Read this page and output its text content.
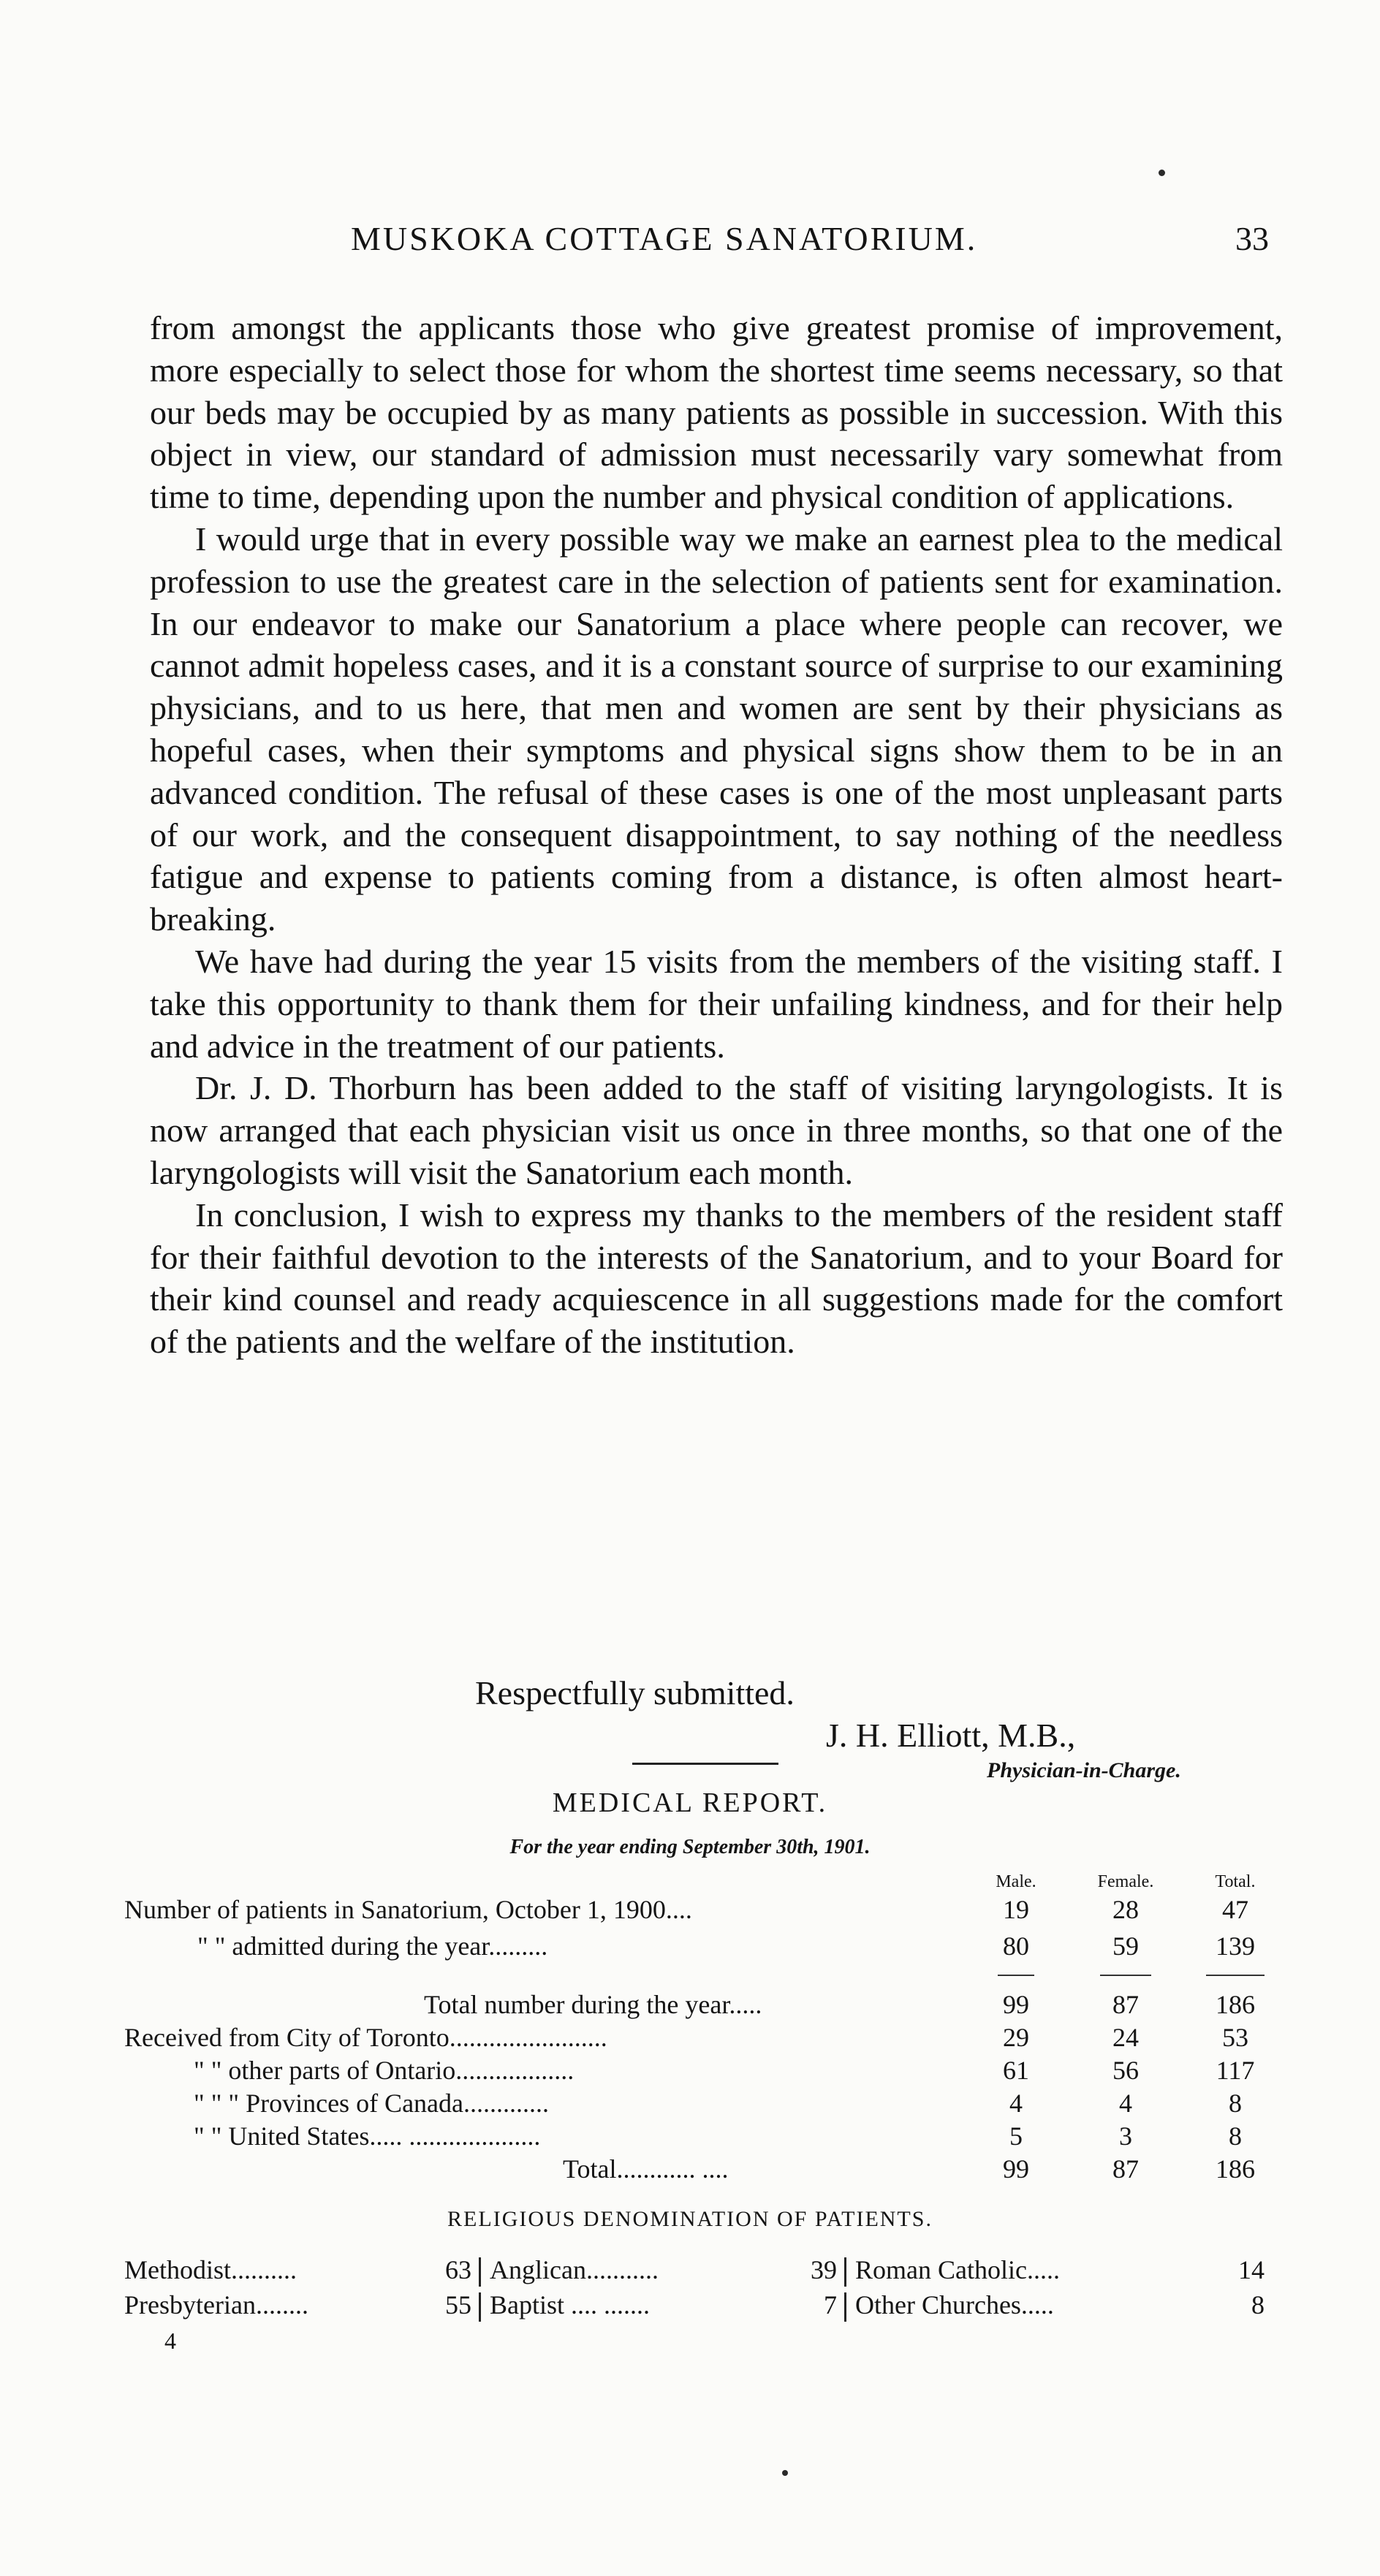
MUSKOKA COTTAGE SANATORIUM.	33

from amongst the applicants those who give greatest promise of improvement, more especially to select those for whom the shortest time seems necessary, so that our beds may be occupied by as many patients as possible in succession. With this object in view, our standard of admission must necessarily vary somewhat from time to time, depending upon the number and physical condition of applications.

I would urge that in every possible way we make an earnest plea to the medical profession to use the greatest care in the selection of patients sent for examination. In our endeavor to make our Sanatorium a place where people can recover, we cannot admit hopeless cases, and it is a constant source of surprise to our examining physicians, and to us here, that men and women are sent by their physicians as hopeful cases, when their symptoms and physical signs show them to be in an advanced condition. The refusal of these cases is one of the most unpleasant parts of our work, and the consequent disappointment, to say nothing of the needless fatigue and expense to patients coming from a distance, is often almost heart-breaking.

We have had during the year 15 visits from the members of the visiting staff. I take this opportunity to thank them for their unfailing kindness, and for their help and advice in the treatment of our patients.

Dr. J. D. Thorburn has been added to the staff of visiting laryngologists. It is now arranged that each physician visit us once in three months, so that one of the laryngologists will visit the Sanatorium each month.

In conclusion, I wish to express my thanks to the members of the resident staff for their faithful devotion to the interests of the Sanatorium, and to your Board for their kind counsel and ready acquiescence in all suggestions made for the comfort of the patients and the welfare of the institution.

Respectfully submitted.
J. H. Elliott, M.B.,
Physician-in-Charge.
MEDICAL REPORT.
For the year ending September 30th, 1901.
Male.	Female.	Total.
Number of patients in Sanatorium, October 1, 1900....	19	28	47
" " admitted during the year.........	80	59	139
Total number during the year.....	99	87	186
Received from City of Toronto........................	29	24	53
" " other parts of Ontario..................	61	56	117
" " " Provinces of Canada.............	4	4	8
" " United States..... ....................	5	3	8
Total............ ....	99	87	186
RELIGIOUS DENOMINATION OF PATIENTS.
Methodist..........	63 Anglican...........	39 Roman Catholic.....	14
Presbyterian........	55 Baptist .... .......	7 Other Churches.....	8
4
